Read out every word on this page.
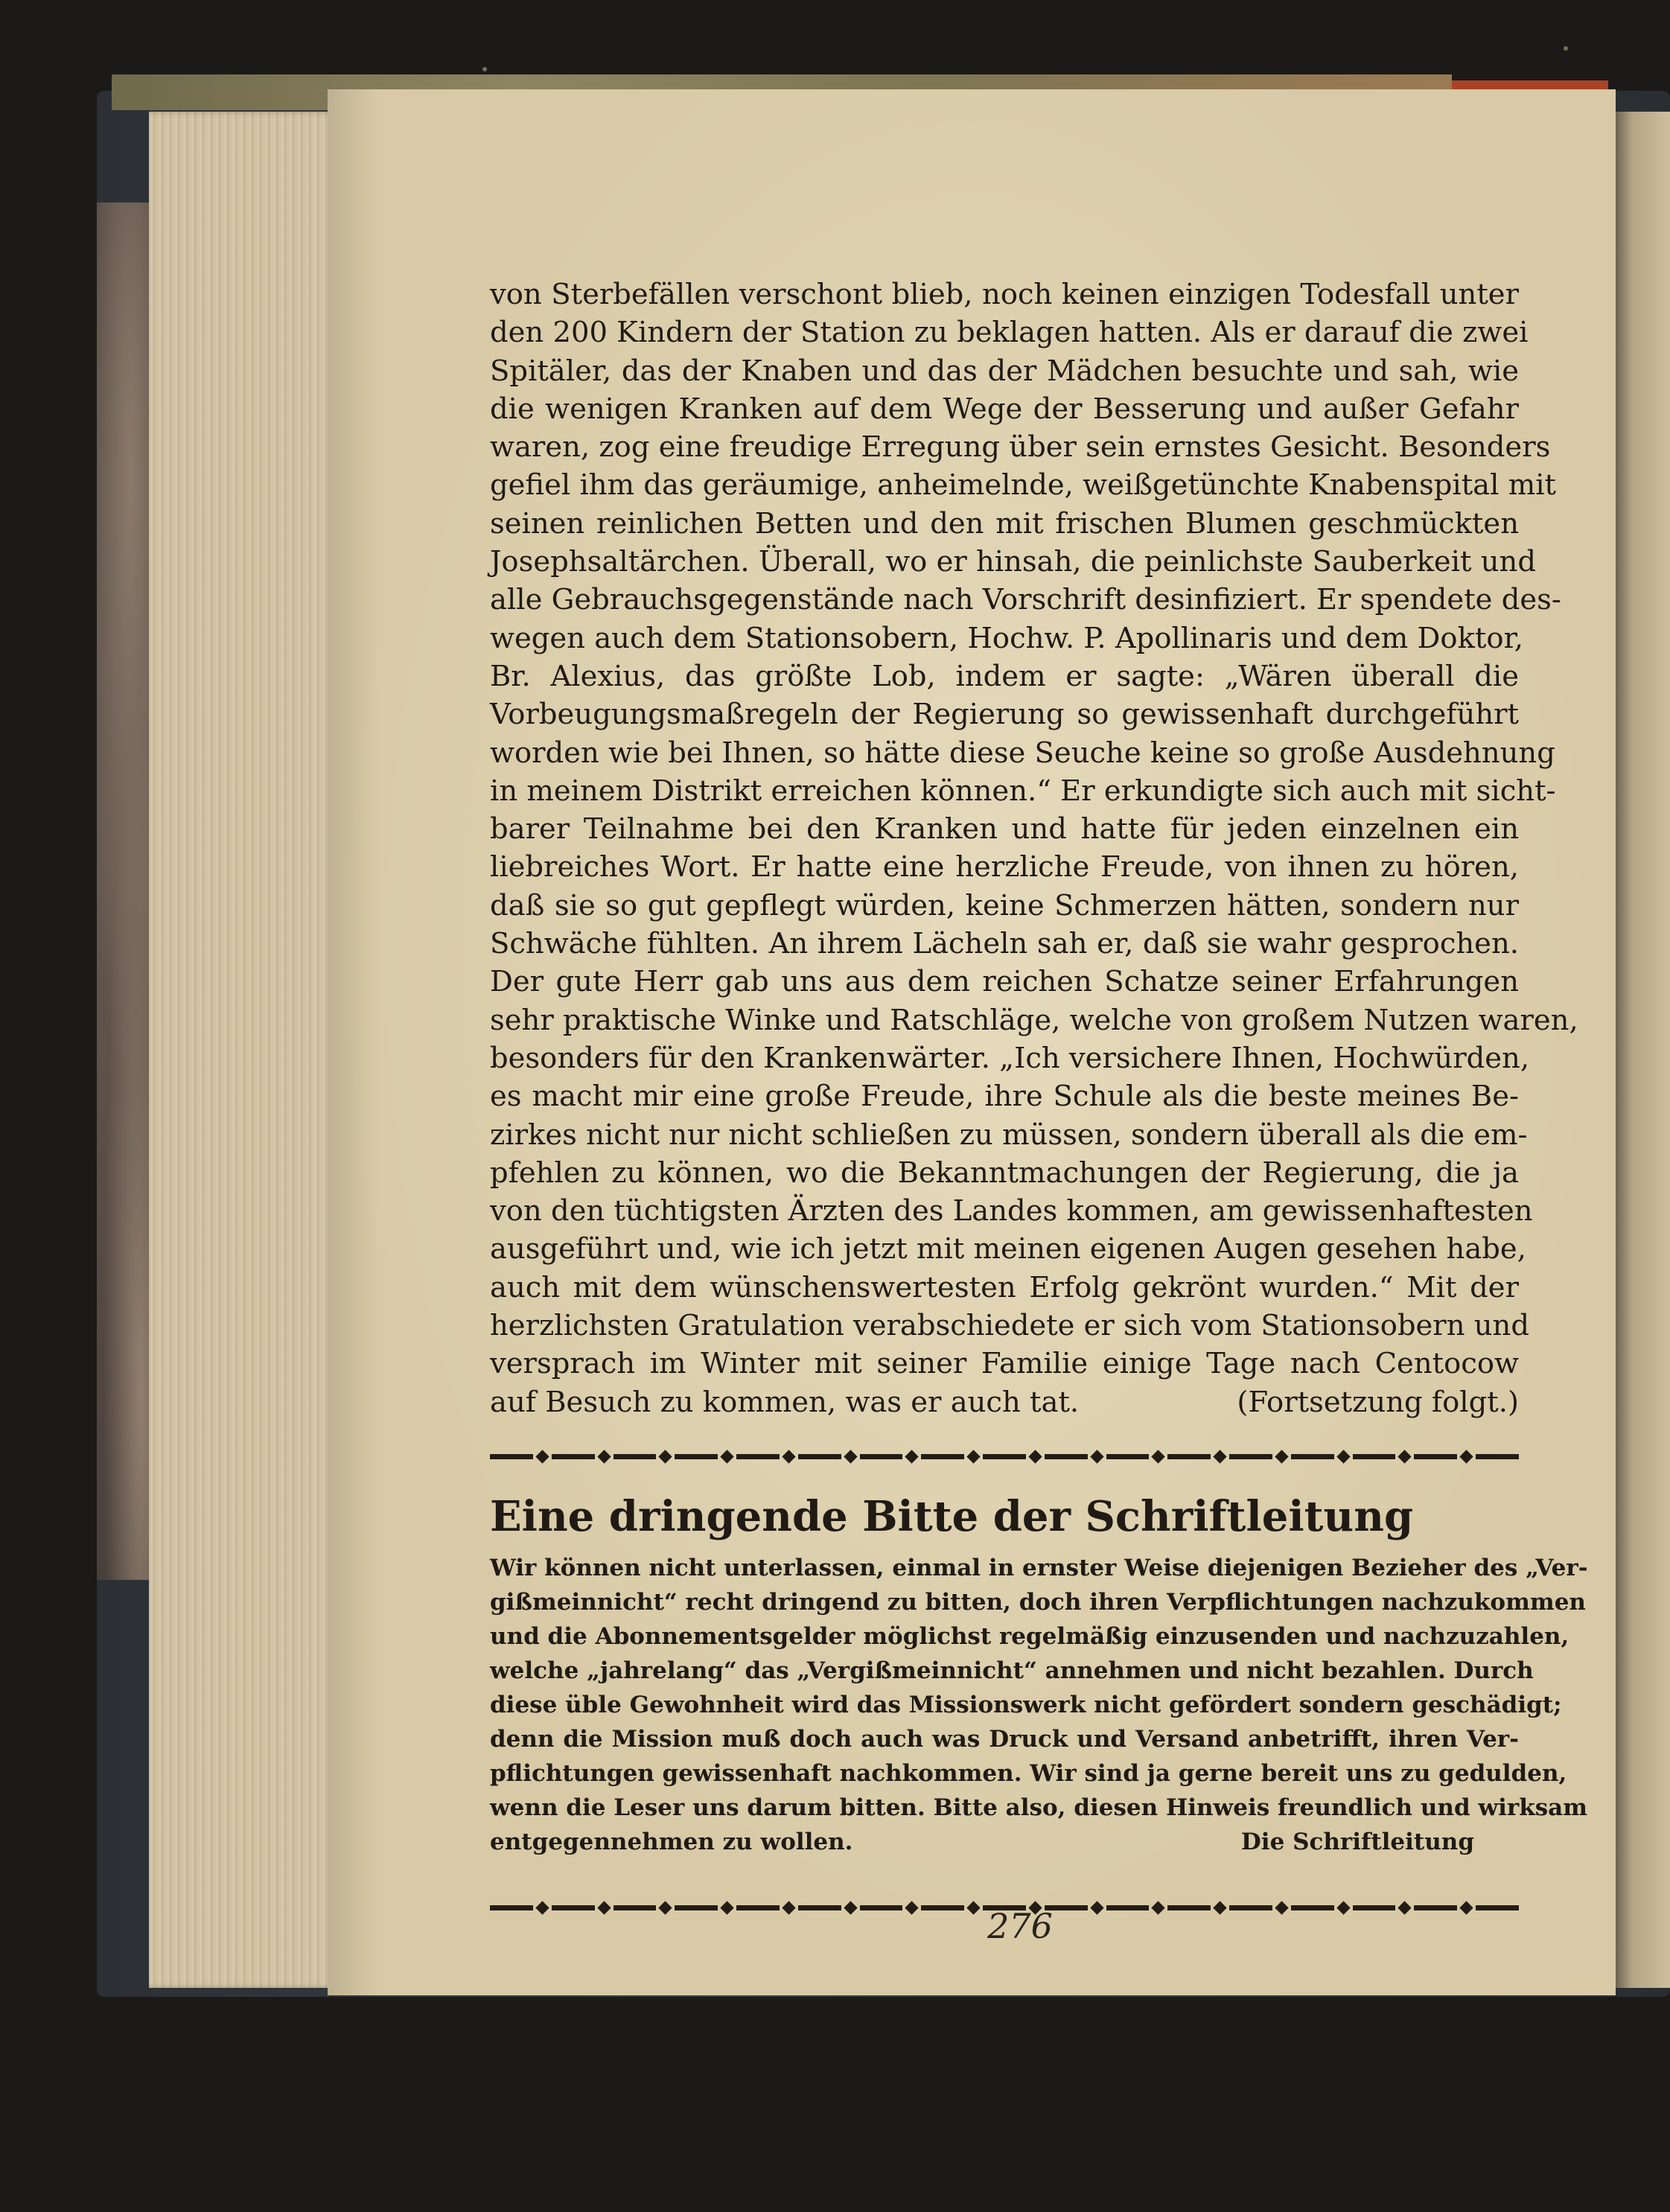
von Sterbefällen verschont blieb, noch keinen einzigen Todesfall unter
den 200 Kindern der Station zu beklagen hatten. Als er darauf die zwei
Spitäler, das der Knaben und das der Mädchen besuchte und sah, wie
die wenigen Kranken auf dem Wege der Besserung und außer Gefahr
waren, zog eine freudige Erregung über sein ernstes Gesicht. Besonders
gefiel ihm das geräumige, anheimelnde, weißgetünchte Knabenspital mit
seinen reinlichen Betten und den mit frischen Blumen geschmückten
Josephsaltärchen. Überall, wo er hinsah, die peinlichste Sauberkeit und
alle Gebrauchsgegenstände nach Vorschrift desinfiziert. Er spendete des-
wegen auch dem Stationsobern, Hochw. P. Apollinaris und dem Doktor,
Br. Alexius, das größte Lob, indem er sagte: „Wären überall die
Vorbeugungsmaßregeln der Regierung so gewissenhaft durchgeführt
worden wie bei Ihnen, so hätte diese Seuche keine so große Ausdehnung
in meinem Distrikt erreichen können.“ Er erkundigte sich auch mit sicht-
barer Teilnahme bei den Kranken und hatte für jeden einzelnen ein
liebreiches Wort. Er hatte eine herzliche Freude, von ihnen zu hören,
daß sie so gut gepflegt würden, keine Schmerzen hätten, sondern nur
Schwäche fühlten. An ihrem Lächeln sah er, daß sie wahr gesprochen.
Der gute Herr gab uns aus dem reichen Schatze seiner Erfahrungen
sehr praktische Winke und Ratschläge, welche von großem Nutzen waren,
besonders für den Krankenwärter. „Ich versichere Ihnen, Hochwürden,
es macht mir eine große Freude, ihre Schule als die beste meines Be-
zirkes nicht nur nicht schließen zu müssen, sondern überall als die em-
pfehlen zu können, wo die Bekanntmachungen der Regierung, die ja
von den tüchtigsten Ärzten des Landes kommen, am gewissenhaftesten
ausgeführt und, wie ich jetzt mit meinen eigenen Augen gesehen habe,
auch mit dem wünschenswertesten Erfolg gekrönt wurden.“ Mit der
herzlichsten Gratulation verabschiedete er sich vom Stationsobern und
versprach im Winter mit seiner Familie einige Tage nach Centocow
auf Besuch zu kommen, was er auch tat.	(Fortsetzung folgt.)
Eine dringende Bitte der Schriftleitung
Wir können nicht unterlassen, einmal in ernster Weise diejenigen Bezieher des „Ver-
gißmeinnicht“ recht dringend zu bitten, doch ihren Verpflichtungen nachzukommen
und die Abonnementsgelder möglichst regelmäßig einzusenden und nachzuzahlen,
welche „jahrelang“ das „Vergißmeinnicht“ annehmen und nicht bezahlen. Durch
diese üble Gewohnheit wird das Missionswerk nicht gefördert sondern geschädigt;
denn die Mission muß doch auch was Druck und Versand anbetrifft, ihren Ver-
pflichtungen gewissenhaft nachkommen. Wir sind ja gerne bereit uns zu gedulden,
wenn die Leser uns darum bitten. Bitte also, diesen Hinweis freundlich und wirksam
entgegennehmen zu wollen.	Die Schriftleitung
276
